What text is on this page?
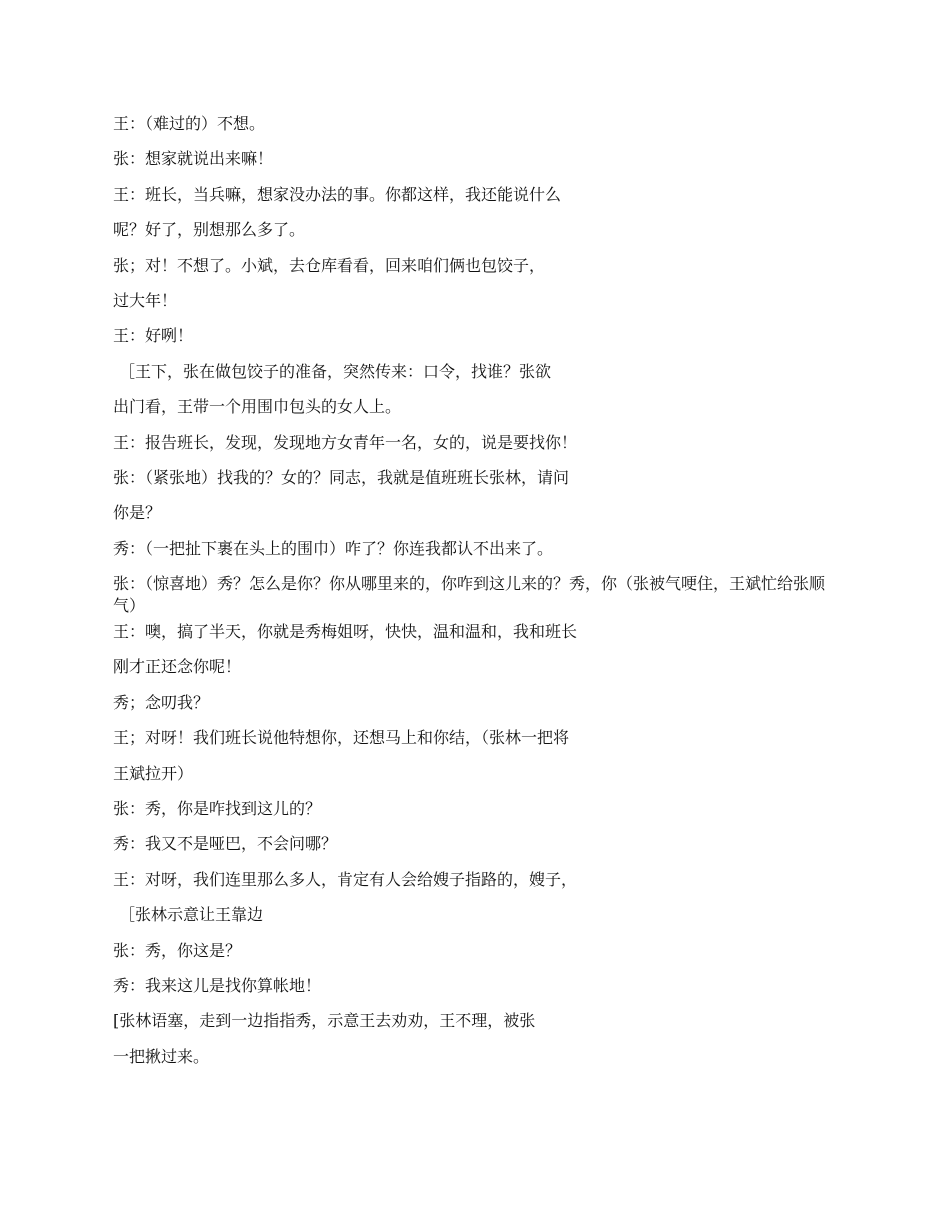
王：（难过的）不想。
张：想家就说出来嘛！
王：班长，当兵嘛，想家没办法的事。你都这样，我还能说什么
呢？好了，别想那么多了。
张；对！不想了。小斌，去仓库看看，回来咱们俩也包饺子，
过大年！
王：好咧！
［王下，张在做包饺子的准备，突然传来：口令，找谁？张欲
出门看，王带一个用围巾包头的女人上。
王：报告班长，发现，发现地方女青年一名，女的，说是要找你！
张：（紧张地）找我的？女的？同志，我就是值班班长张林，请问
你是？
秀：（一把扯下裹在头上的围巾）咋了？你连我都认不出来了。
张：（惊喜地）秀？怎么是你？你从哪里来的，你咋到这儿来的？秀，你（张被气哽住，王斌忙给张顺气）
王：噢，搞了半天，你就是秀梅姐呀，快快，温和温和，我和班长
刚才正还念你呢！
秀；念叨我？
王；对呀！我们班长说他特想你，还想马上和你结，（张林一把将
王斌拉开）
张：秀，你是咋找到这儿的？
秀：我又不是哑巴，不会问哪？
王：对呀，我们连里那么多人，肯定有人会给嫂子指路的，嫂子，
［张林示意让王靠边
张：秀，你这是？
秀：我来这儿是找你算帐地！
[张林语塞，走到一边指指秀，示意王去劝劝，王不理，被张
一把揪过来。
